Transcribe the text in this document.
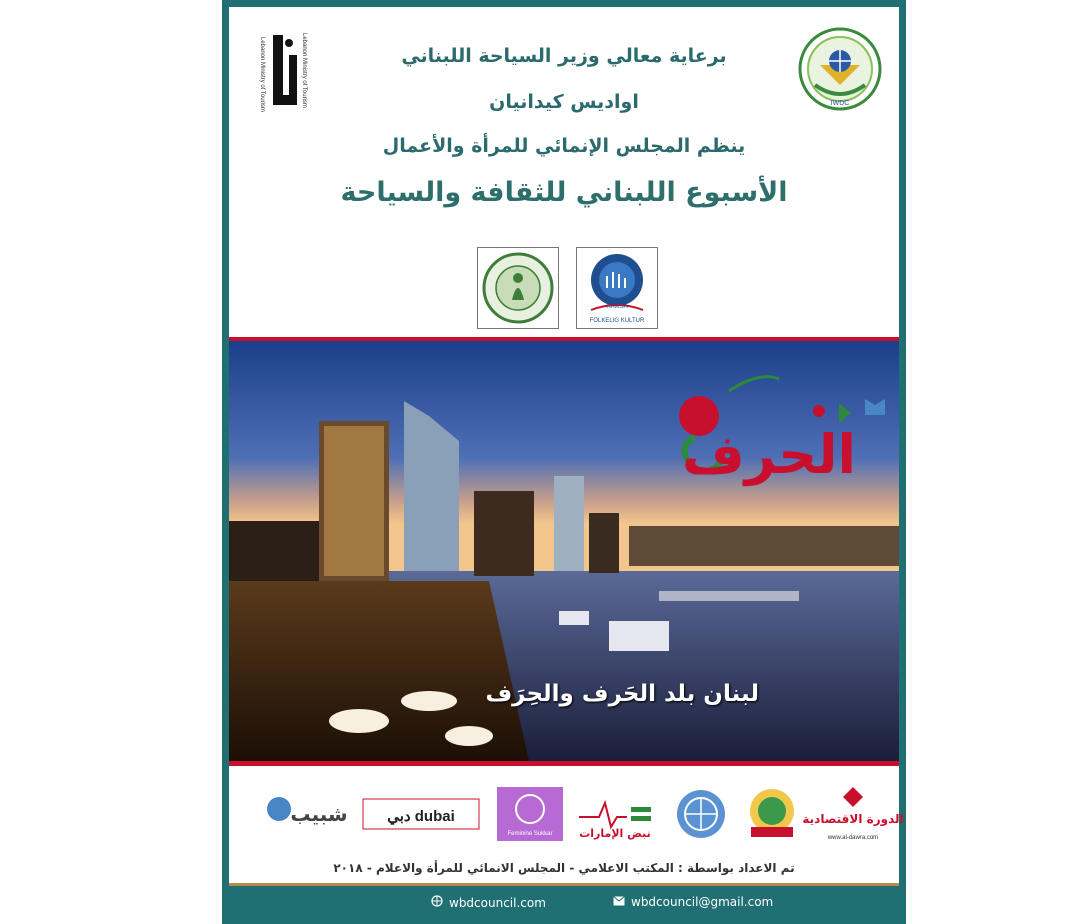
Lebanon Ministry of Tourism
Lebanon Ministry of Tourism	IWDC
برعاية معالي وزير السياحة اللبناني
اواديس كيدانيان
ينظم المجلس الإنمائي للمرأة والأعمال
الأسبوع اللبناني للثقافة والسياحة
HAMSA
FOLKELIG KULTUR
الحرف
لبنان بلد الحَرف والحِرَف
شبيب	دبي dubai
Feminine Sukkar نبض الإمارات
الدورة الاقتصادية
www.al-dawra.com
تم الاعداد بواسطة : المكتب الاعلامي - المجلس الانمائي للمرأة والاعلام - ٢٠١٨
wbdcouncil.com	wbdcouncil@gmail.com
